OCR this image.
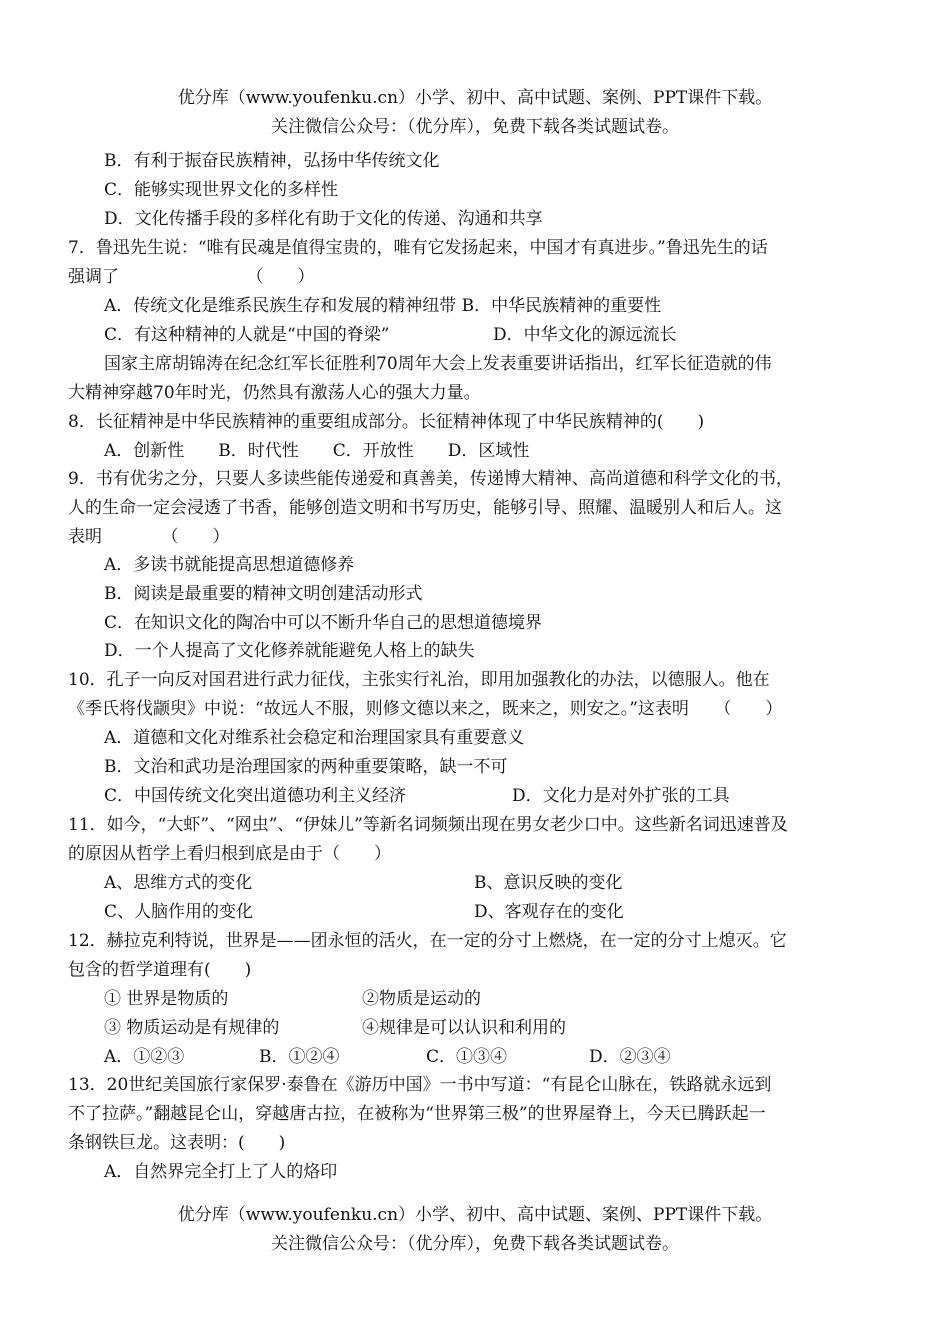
优分库（www.youfenku.cn）小学、初中、高中试题、案例、PPT课件下载。
关注微信公众号：（优分库），免费下载各类试题试卷。
B．有利于振奋民族精神，弘扬中华传统文化
C．能够实现世界文化的多样性
D．文化传播手段的多样化有助于文化的传递、沟通和共享
7．鲁迅先生说：“唯有民魂是值得宝贵的，唯有它发扬起来，中国才有真进步。”鲁迅先生的话
强调了　　　　　　　　（　　）
A．传统文化是维系民族生存和发展的精神纽带 B．中华民族精神的重要性
C．有这种精神的人就是“中国的脊梁”	D．中华文化的源远流长
国家主席胡锦涛在纪念红军长征胜利70周年大会上发表重要讲话指出，红军长征造就的伟
大精神穿越70年时光，仍然具有激荡人心的强大力量。
8．长征精神是中华民族精神的重要组成部分。长征精神体现了中华民族精神的(　　)
A．创新性　　B．时代性　　C．开放性　　D．区域性
9．书有优劣之分，只要人多读些能传递爱和真善美，传递博大精神、高尚道德和科学文化的书，
人的生命一定会浸透了书香，能够创造文明和书写历史，能够引导、照耀、温暖别人和后人。这
表明　　　　（　　）
A．多读书就能提高思想道德修养
B．阅读是最重要的精神文明创建活动形式
C．在知识文化的陶冶中可以不断升华自己的思想道德境界
D．一个人提高了文化修养就能避免人格上的缺失
10．孔子一向反对国君进行武力征伐，主张实行礼治，即用加强教化的办法，以德服人。他在
《季氏将伐颛臾》中说：“故远人不服，则修文德以来之，既来之，则安之。”这表明　　（　　）
A．道德和文化对维系社会稳定和治理国家具有重要意义
B．文治和武功是治理国家的两种重要策略，缺一不可
C．中国传统文化突出道德功利主义经济	D．文化力是对外扩张的工具
11．如今，“大虾”、“网虫”、“伊妹儿”等新名词频频出现在男女老少口中。这些新名词迅速普及
的原因从哲学上看归根到底是由于（　　）
A、思维方式的变化	B、意识反映的变化
C、人脑作用的变化	D、客观存在的变化
12．赫拉克利特说，世界是——团永恒的活火，在一定的分寸上燃烧，在一定的分寸上熄灭。它
包含的哲学道理有(　　)
① 世界是物质的	②物质是运动的
③ 物质运动是有规律的	④规律是可以认识和利用的
A．①②③	B．①②④	C．①③④	D．②③④
13．20世纪美国旅行家保罗·泰鲁在《游历中国》一书中写道：“有昆仑山脉在，铁路就永远到
不了拉萨。”翻越昆仑山，穿越唐古拉，在被称为“世界第三极”的世界屋脊上，今天已腾跃起一
条钢铁巨龙。这表明：(　　)
A．自然界完全打上了人的烙印
优分库（www.youfenku.cn）小学、初中、高中试题、案例、PPT课件下载。
关注微信公众号：（优分库），免费下载各类试题试卷。
